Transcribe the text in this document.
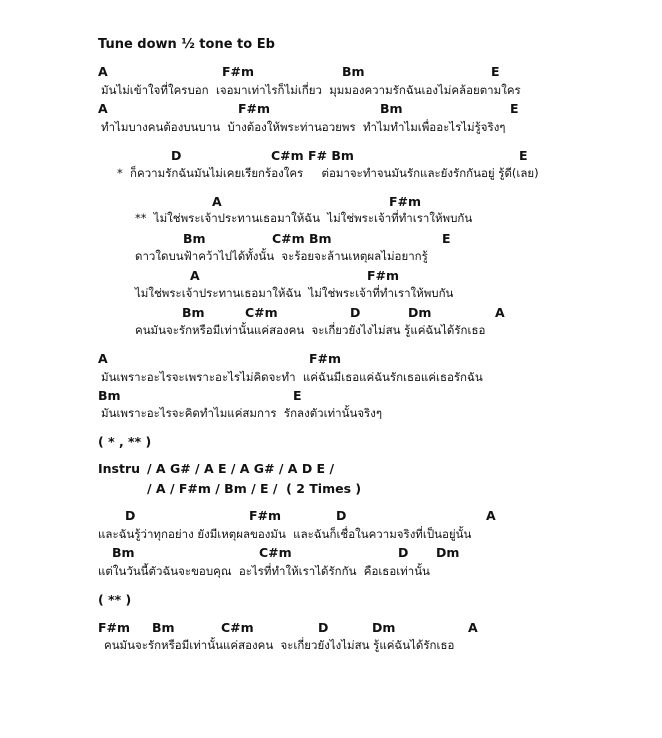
Tune down ½ tone to Eb
A	F#m	Bm	E
มันไม่เข้าใจที่ใครบอก  เจอมาเท่าไรก็ไม่เกี่ยว  มุมมองความรักฉันเองไม่คล้อยตามใคร
A	F#m	Bm	E
ทำไมบางคนต้องบนบาน  บ้างต้องให้พระท่านอวยพร  ทำไมทำไมเพื่ออะไรไม่รู้จริงๆ
D	C#m F# Bm	E
*  ก็ความรักฉันมันไม่เคยเรียกร้องใคร     ต่อมาจะทำจนมันรักและยังรักกันอยู่ รู้ดี(เลย)
A	F#m
**  ไม่ใช่พระเจ้าประทานเธอมาให้ฉัน  ไม่ใช่พระเจ้าที่ทำเราให้พบกัน
Bm	C#m Bm	E
ดาวใดบนฟ้าคว้าไปได้ทั้งนั้น  จะร้อยจะล้านเหตุผลไม่อยากรู้
A	F#m
ไม่ใช่พระเจ้าประทานเธอมาให้ฉัน  ไม่ใช่พระเจ้าที่ทำเราให้พบกัน
Bm	C#m	D	Dm	A
คนมันจะรักหรือมีเท่านั้นแค่สองคน  จะเกี่ยวยังไงไม่สน รู้แค่ฉันได้รักเธอ
A	F#m
มันเพราะอะไรจะเพราะอะไรไม่คิดจะทำ  แค่ฉันมีเธอแค่ฉันรักเธอแค่เธอรักฉัน
Bm	E
มันเพราะอะไรจะคิดทำไมแค่สมการ  รักลงตัวเท่านั้นจริงๆ
( * , ** )
Instru / A G# / A E / A G# / A D E /
/ A / F#m / Bm / E /  ( 2 Times )
D	F#m	D	A
และฉันรู้ว่าทุกอย่าง ยังมีเหตุผลของมัน  และฉันก็เชื่อในความจริงที่เป็นอยู่นั้น
Bm	C#m	D Dm
แต่ในวันนี้ตัวฉันจะขอบคุณ  อะไรที่ทำให้เราได้รักกัน  คือเธอเท่านั้น
( ** )
F#m Bm	C#m	D	Dm	A
คนมันจะรักหรือมีเท่านั้นแค่สองคน  จะเกี่ยวยังไงไม่สน รู้แค่ฉันได้รักเธอ
